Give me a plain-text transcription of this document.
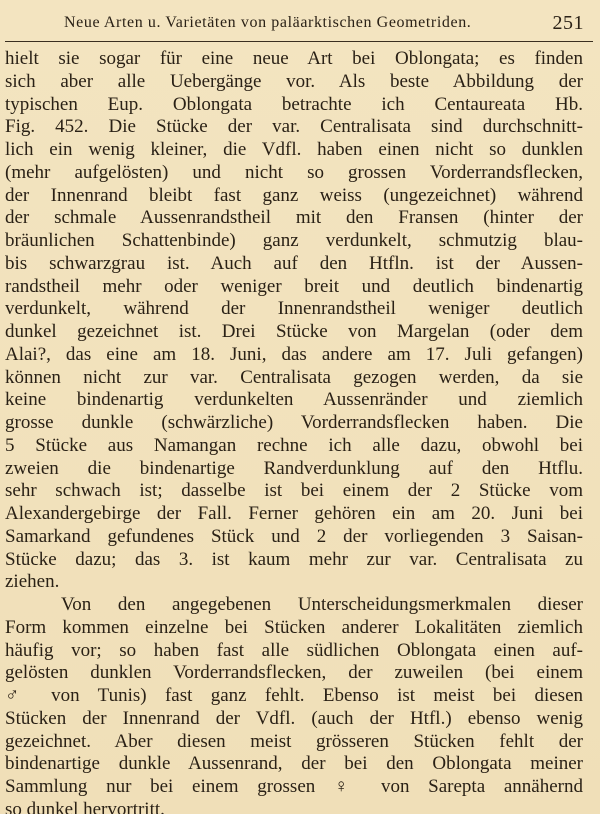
Neue Arten u. Varietäten von paläarktischen Geometriden.	251
hielt sie sogar für eine neue Art bei Oblongata; es finden
sich aber alle Uebergänge vor. Als beste Abbildung der
typischen Eup. Oblongata betrachte ich Centaureata Hb.
Fig. 452. Die Stücke der var. Centralisata sind durchschnitt-
lich ein wenig kleiner, die Vdfl. haben einen nicht so dunklen
(mehr aufgelösten) und nicht so grossen Vorderrandsflecken,
der Innenrand bleibt fast ganz weiss (ungezeichnet) während
der schmale Aussenrandstheil mit den Fransen (hinter der
bräunlichen Schattenbinde) ganz verdunkelt, schmutzig blau-
bis schwarzgrau ist. Auch auf den Htfln. ist der Aussen-
randstheil mehr oder weniger breit und deutlich bindenartig
verdunkelt, während der Innenrandstheil weniger deutlich
dunkel gezeichnet ist. Drei Stücke von Margelan (oder dem
Alai?, das eine am 18. Juni, das andere am 17. Juli gefangen)
können nicht zur var. Centralisata gezogen werden, da sie
keine bindenartig verdunkelten Aussenränder und ziemlich
grosse dunkle (schwärzliche) Vorderrandsflecken haben. Die
5 Stücke aus Namangan rechne ich alle dazu, obwohl bei
zweien die bindenartige Randverdunklung auf den Htflu.
sehr schwach ist; dasselbe ist bei einem der 2 Stücke vom
Alexandergebirge der Fall. Ferner gehören ein am 20. Juni bei
Samarkand gefundenes Stück und 2 der vorliegenden 3 Saisan-
Stücke dazu; das 3. ist kaum mehr zur var. Centralisata zu
ziehen.
Von den angegebenen Unterscheidungsmerkmalen dieser
Form kommen einzelne bei Stücken anderer Lokalitäten ziemlich
häufig vor; so haben fast alle südlichen Oblongata einen auf-
gelösten dunklen Vorderrandsflecken, der zuweilen (bei einem
♂ von Tunis) fast ganz fehlt. Ebenso ist meist bei diesen
Stücken der Innenrand der Vdfl. (auch der Htfl.) ebenso wenig
gezeichnet. Aber diesen meist grösseren Stücken fehlt der
bindenartige dunkle Aussenrand, der bei den Oblongata meiner
Sammlung nur bei einem grossen ♀ von Sarepta annähernd
so dunkel hervortritt.
